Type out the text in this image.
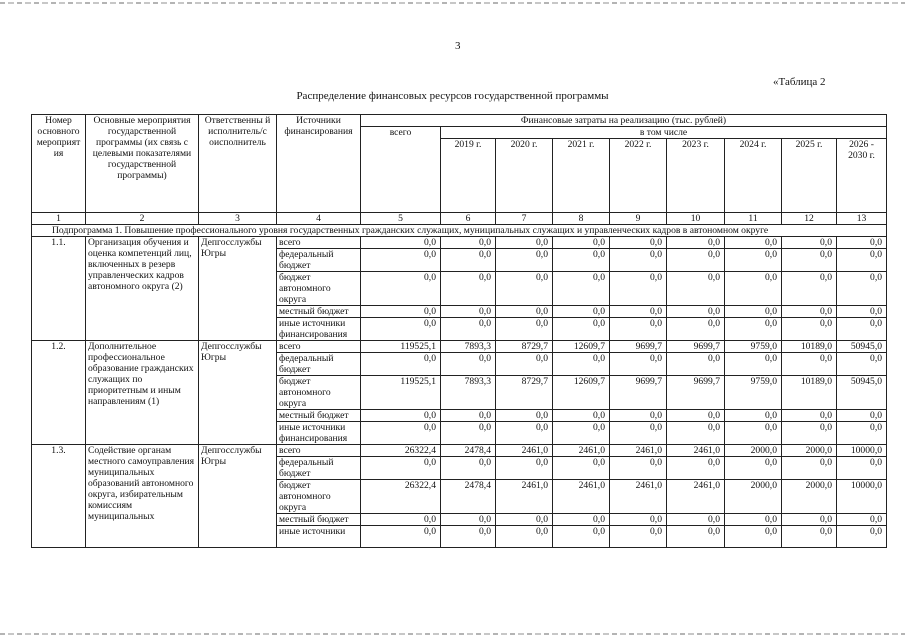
3
«Таблица 2
Распределение финансовых ресурсов государственной программы
Номер основного мероприят ия	Основные мероприятия государственной программы (их связь с целевыми показателями государственной программы)	Ответственны й исполнитель/с оисполнитель	Источники финансирования	Финансовые затраты на реализацию (тыс. рублей)								
				всего	в том числе							
					2019 г.	2020 г.	2021 г.	2022 г.	2023 г.	2024 г.	2025 г.	2026 - 2030 г.
1	2	3	4	5	6	7	8	9	10	11	12	13
Подпрограмма 1. Повышение профессионального уровня государственных гражданских служащих, муниципальных служащих и управленческих кадров в автономном округе												
1.1.	Организация обучения и оценка компетенций лиц, включенных в резерв управленческих кадров автономного округа (2)	Депгосслужбы Югры	всего	0,0	0,0	0,0	0,0	0,0	0,0	0,0	0,0	0,0
			федеральный бюджет	0,0	0,0	0,0	0,0	0,0	0,0	0,0	0,0	0,0
			бюджет автономного округа	0,0	0,0	0,0	0,0	0,0	0,0	0,0	0,0	0,0
			местный бюджет	0,0	0,0	0,0	0,0	0,0	0,0	0,0	0,0	0,0
			иные источники финансирования	0,0	0,0	0,0	0,0	0,0	0,0	0,0	0,0	0,0
1.2.	Дополнительное профессиональное образование гражданских служащих по приоритетным и иным направлениям (1)	Депгосслужбы Югры	всего	119525,1	7893,3	8729,7	12609,7	9699,7	9699,7	9759,0	10189,0	50945,0
			федеральный бюджет	0,0	0,0	0,0	0,0	0,0	0,0	0,0	0,0	0,0
			бюджет автономного округа	119525,1	7893,3	8729,7	12609,7	9699,7	9699,7	9759,0	10189,0	50945,0
			местный бюджет	0,0	0,0	0,0	0,0	0,0	0,0	0,0	0,0	0,0
			иные источники финансирования	0,0	0,0	0,0	0,0	0,0	0,0	0,0	0,0	0,0
1.3.	Содействие органам местного самоуправления муниципальных образований автономного округа, избирательным комиссиям муниципальных	Депгосслужбы Югры	всего	26322,4	2478,4	2461,0	2461,0	2461,0	2461,0	2000,0	2000,0	10000,0
			федеральный бюджет	0,0	0,0	0,0	0,0	0,0	0,0	0,0	0,0	0,0
			бюджет автономного округа	26322,4	2478,4	2461,0	2461,0	2461,0	2461,0	2000,0	2000,0	10000,0
			местный бюджет	0,0	0,0	0,0	0,0	0,0	0,0	0,0	0,0	0,0
			иные источники	0,0	0,0	0,0	0,0	0,0	0,0	0,0	0,0	0,0
